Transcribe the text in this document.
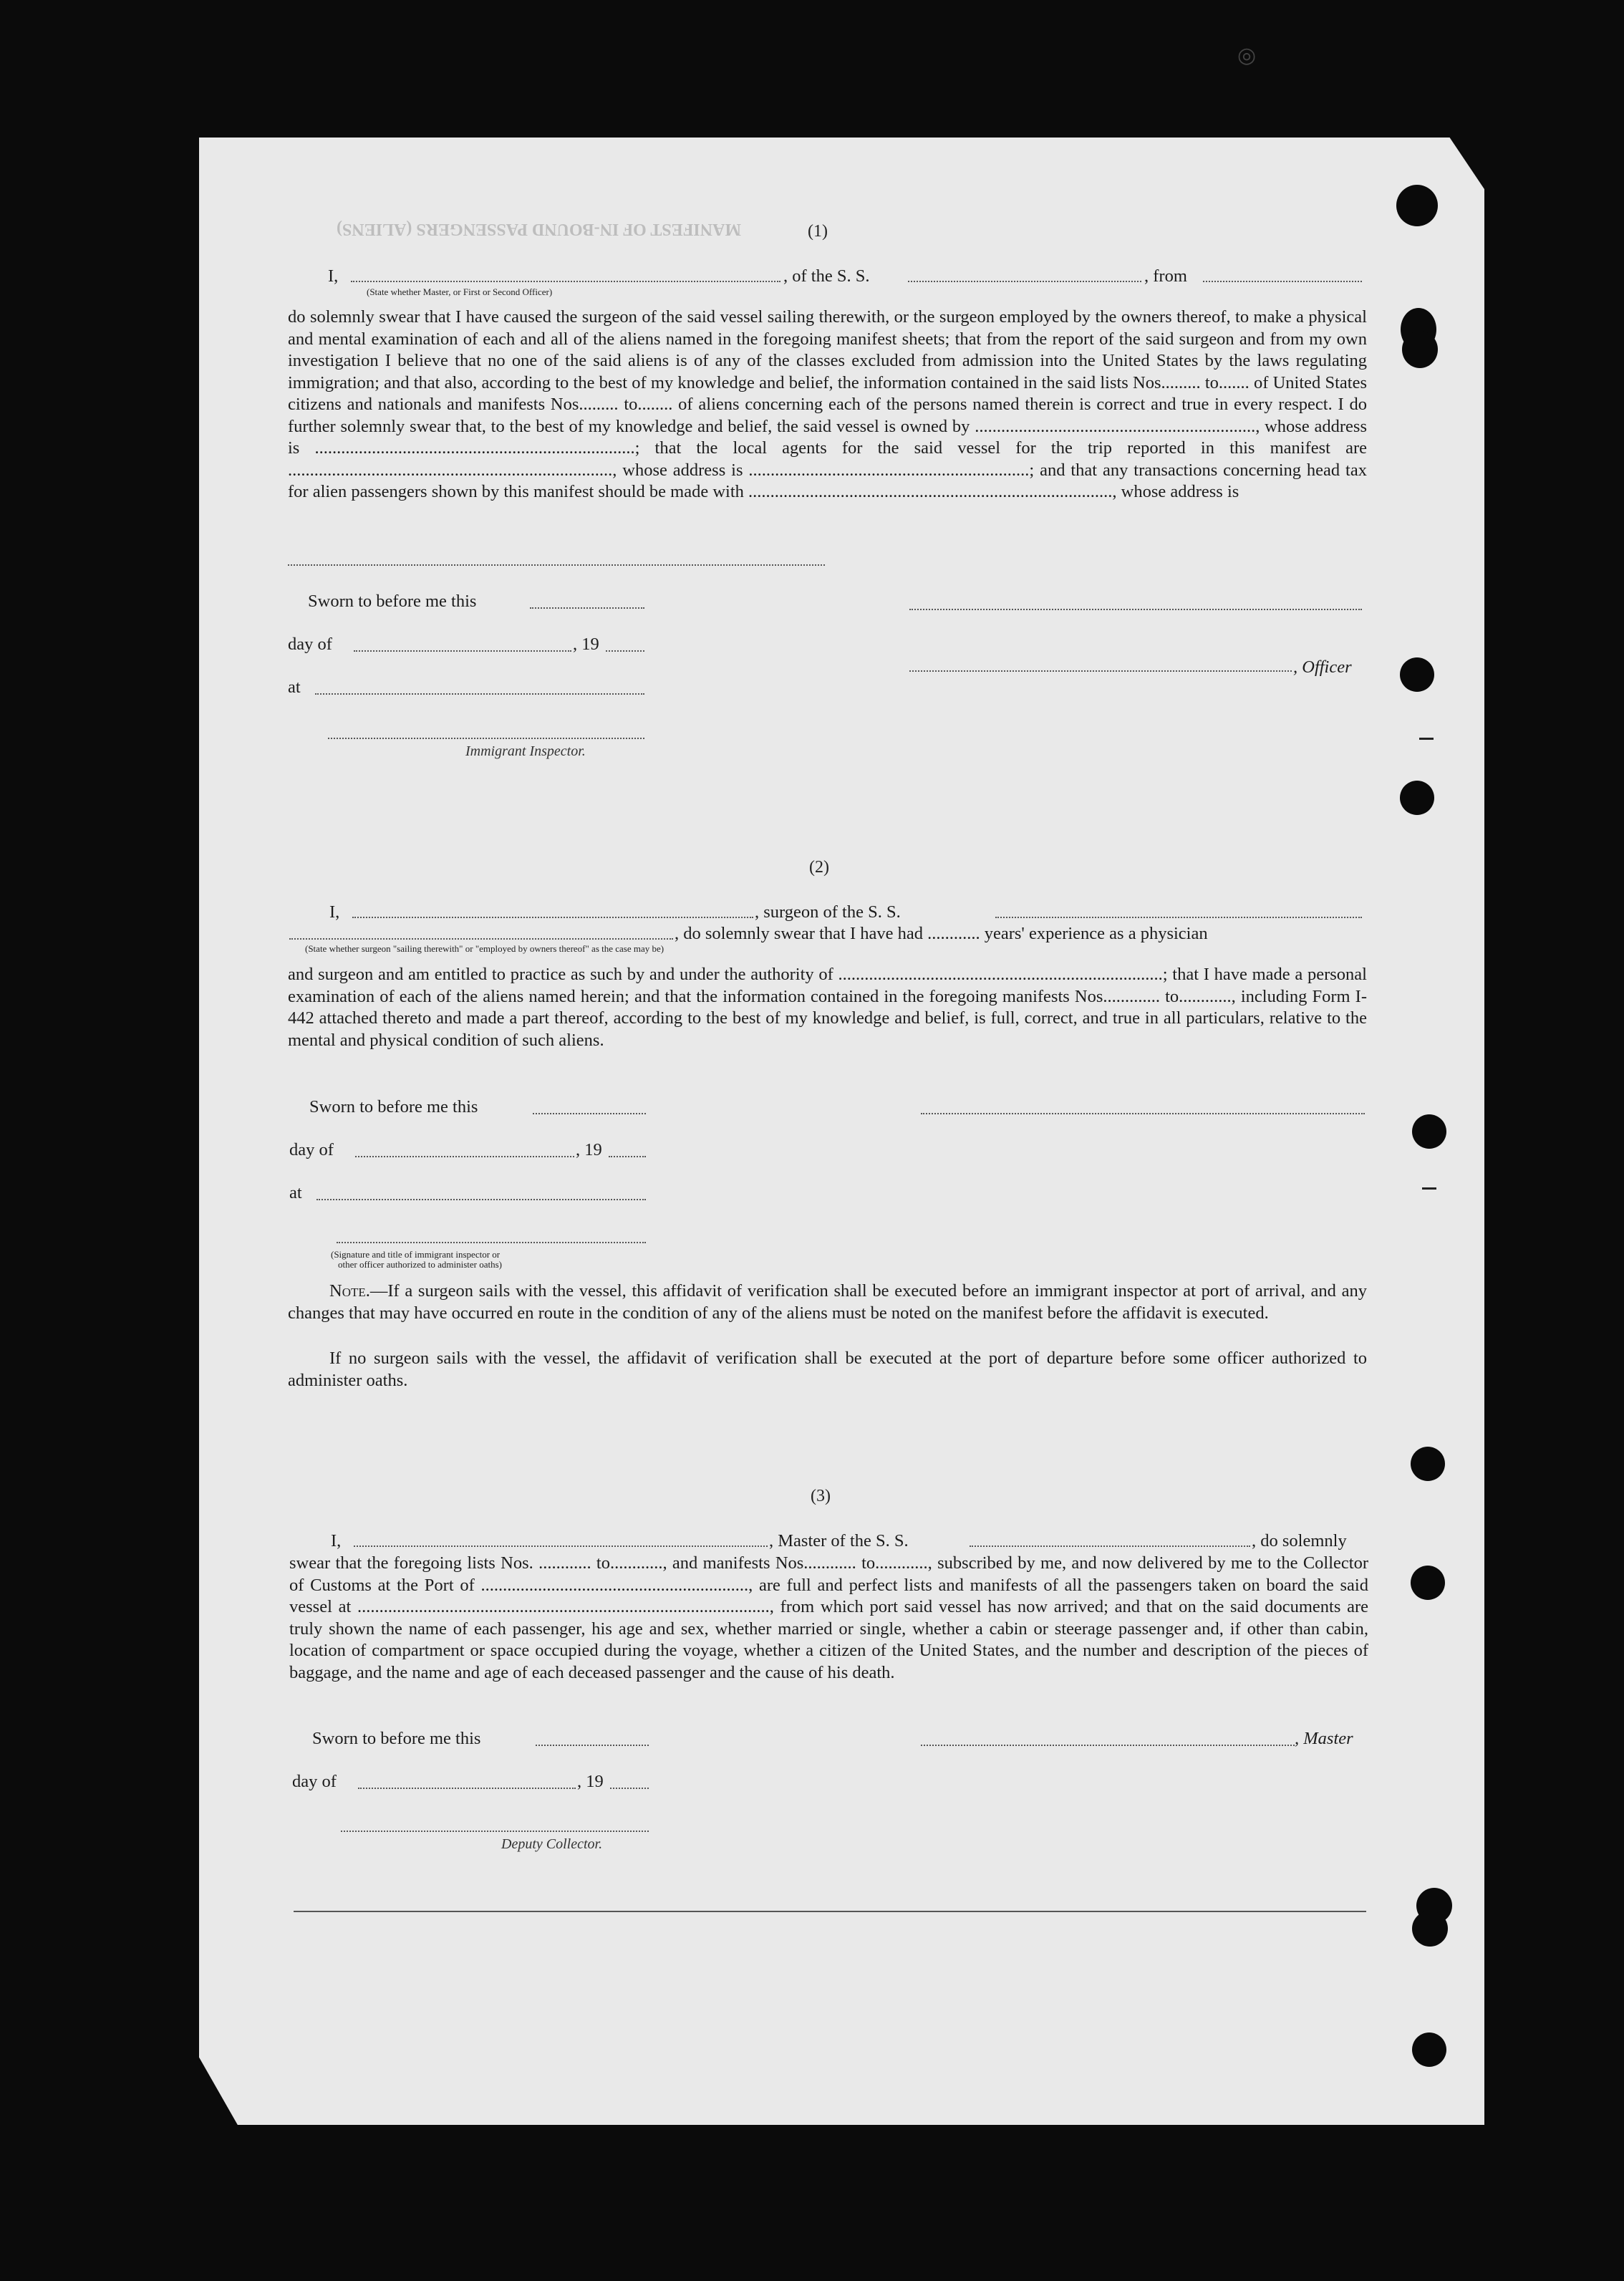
MANIFEST OF IN-BOUND PASSENGERS (ALIENS)
◎
(1)
I,	, of the S. S.	, from
(State whether Master, or First or Second Officer)
do solemnly swear that I have caused the surgeon of the said vessel sailing therewith, or the surgeon employed by the owners thereof, to make a physical and mental examination of each and all of the aliens named in the foregoing manifest sheets; that from the report of the said surgeon and from my own investigation I believe that no one of the said aliens is of any of the classes excluded from admission into the United States by the laws regulating immigration; and that also, according to the best of my knowledge and belief, the information contained in the said lists Nos......... to....... of United States citizens and nationals and manifests Nos......... to........ of aliens concerning each of the persons named therein is correct and true in every respect. I do further solemnly swear that, to the best of my knowledge and belief, the said vessel is owned by ................................................................, whose address is .........................................................................; that the local agents for the said vessel for the trip reported in this manifest are .........................................................................., whose address is ................................................................; and that any transactions concerning head tax for alien passengers shown by this manifest should be made with ..................................................................................., whose address is
Sworn to before me this
day of	, 19
, Officer
at
Immigrant Inspector.
(2)
I,	, surgeon of the S. S.
, do solemnly swear that I have had ............ years' experience as a physician
(State whether surgeon "sailing therewith" or "employed by owners thereof" as the case may be)
and surgeon and am entitled to practice as such by and under the authority of ..........................................................................; that I have made a personal examination of each of the aliens named herein; and that the information contained in the foregoing manifests Nos............. to............, including Form I-442 attached thereto and made a part thereof, according to the best of my knowledge and belief, is full, correct, and true in all particulars, relative to the mental and physical condition of such aliens.
Sworn to before me this
day of	, 19
at
(Signature and title of immigrant inspector or
other officer authorized to administer oaths)
Note.—If a surgeon sails with the vessel, this affidavit of verification shall be executed before an immigrant inspector at port of arrival, and any changes that may have occurred en route in the condition of any of the aliens must be noted on the manifest before the affidavit is executed.
If no surgeon sails with the vessel, the affidavit of verification shall be executed at the port of departure before some officer authorized to administer oaths.
(3)
I,	, Master of the S. S.	, do solemnly
swear that the foregoing lists Nos. ............ to............, and manifests Nos............ to............, subscribed by me, and now delivered by me to the Collector of Customs at the Port of ............................................................., are full and perfect lists and manifests of all the passengers taken on board the said vessel at .............................................................................................., from which port said vessel has now arrived; and that on the said documents are truly shown the name of each passenger, his age and sex, whether married or single, whether a cabin or steerage passenger and, if other than cabin, location of compartment or space occupied during the voyage, whether a citizen of the United States, and the number and description of the pieces of baggage, and the name and age of each deceased passenger and the cause of his death.
Sworn to before me this	, Master
day of	, 19
Deputy Collector.
